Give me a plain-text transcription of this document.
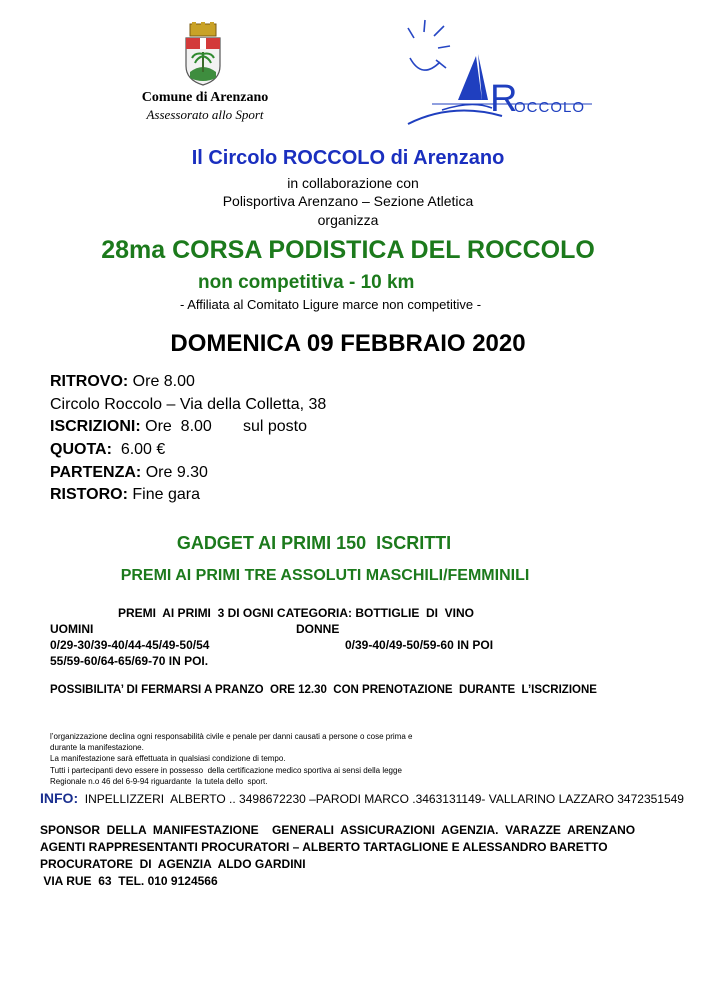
Comune di Arenzano
Assessorato allo Sport	R
OCCOLO
Il Circolo ROCCOLO di Arenzano
in collaborazione con
Polisportiva Arenzano – Sezione Atletica
organizza
28ma CORSA PODISTICA DEL ROCCOLO
non competitiva - 10 km
- Affiliata al Comitato Ligure marce non competitive -
DOMENICA 09 FEBBRAIO 2020
RITROVO: Ore 8.00
Circolo Roccolo – Via della Colletta, 38
ISCRIZIONI: Ore  8.00       sul posto
QUOTA:  6.00 €
PARTENZA: Ore 9.30
RISTORO: Fine gara
GADGET AI PRIMI 150  ISCRITTI
PREMI AI PRIMI TRE ASSOLUTI MASCHILI/FEMMINILI
PREMI  AI PRIMI  3 DI OGNI CATEGORIA: BOTTIGLIE  DI  VINO
UOMINI	DONNE
0/29-30/39-40/44-45/49-50/54	0/39-40/49-50/59-60 IN POI
55/59-60/64-65/69-70 IN POI.
POSSIBILITA’ DI FERMARSI A PRANZO  ORE 12.30  CON PRENOTAZIONE  DURANTE  L’ISCRIZIONE
l’organizzazione declina ogni responsabilità civile e penale per danni causati a persone o cose prima e
durante la manifestazione.
La manifestazione sarà effettuata in qualsiasi condizione di tempo.
Tutti i partecipanti devo essere in possesso  della certificazione medico sportiva ai sensi della legge
Regionale n.o 46 del 6-9-94 riguardante  la tutela dello  sport.
INFO:  INPELLIZZERI  ALBERTO .. 3498672230 –PARODI MARCO .3463131149- VALLARINO LAZZARO 3472351549
SPONSOR  DELLA  MANIFESTAZIONE    GENERALI  ASSICURAZIONI  AGENZIA.  VARAZZE  ARENZANO
AGENTI RAPPRESENTANTI PROCURATORI – ALBERTO TARTAGLIONE E ALESSANDRO BARETTO
PROCURATORE  DI  AGENZIA  ALDO GARDINI
VIA RUE  63  TEL. 010 9124566
